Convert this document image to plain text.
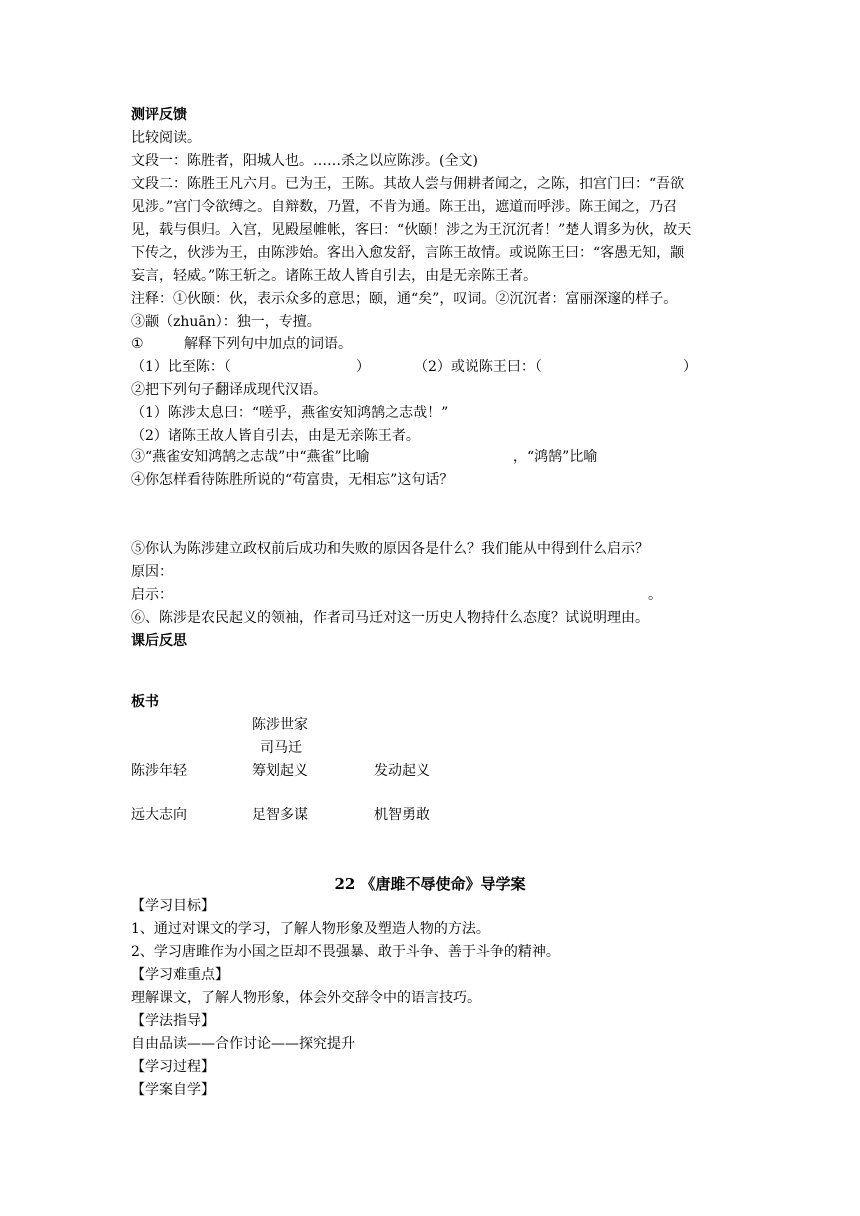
测评反馈
比较阅读。
文段一：陈胜者，阳城人也。……杀之以应陈涉。(全文)
文段二：陈胜王凡六月。已为王，王陈。其故人尝与佣耕者闻之，之陈，扣宫门曰：“吾欲
见涉。”宫门令欲缚之。自辩数，乃置，不肯为通。陈王出，遮道而呼涉。陈王闻之，乃召
见，载与俱归。入宫，见殿屋帷帐，客曰：“伙颐！涉之为王沉沉者！”楚人谓多为伙，故天
下传之，伙涉为王，由陈涉始。客出入愈发舒，言陈王故情。或说陈王曰：“客愚无知，颛
妄言，轻威。”陈王斩之。诸陈王故人皆自引去，由是无亲陈王者。
注释：①伙颐：伙，表示众多的意思；颐，通“矣”，叹词。②沉沉者：富丽深邃的样子。
③颛（zhuān）：独一，专擅。
①	解释下列句中加点的词语。
（1）比至陈：（	）	（2）或说陈王曰：（	）
②把下列句子翻译成现代汉语。
（1）陈涉太息曰：“嗟乎，燕雀安知鸿鹄之志哉！”
（2）诸陈王故人皆自引去，由是无亲陈王者。
③“燕雀安知鸿鹄之志哉”中“燕雀”比喻	，“鸿鹄”比喻
④你怎样看待陈胜所说的“苟富贵，无相忘”这句话？
⑤你认为陈涉建立政权前后成功和失败的原因各是什么？我们能从中得到什么启示？
原因：
启示：	。
⑥、陈涉是农民起义的领袖，作者司马迁对这一历史人物持什么态度？试说明理由。
课后反思
板书
陈涉世家
司马迁
陈涉年轻	筹划起义	发动起义
远大志向	足智多谋	机智勇敢
22 《唐雎不辱使命》导学案
【学习目标】
1、通过对课文的学习，了解人物形象及塑造人物的方法。
2、学习唐雎作为小国之臣却不畏强暴、敢于斗争、善于斗争的精神。
【学习难重点】
理解课文，了解人物形象，体会外交辞令中的语言技巧。
【学法指导】
自由品读——合作讨论——探究提升
【学习过程】
【学案自学】
